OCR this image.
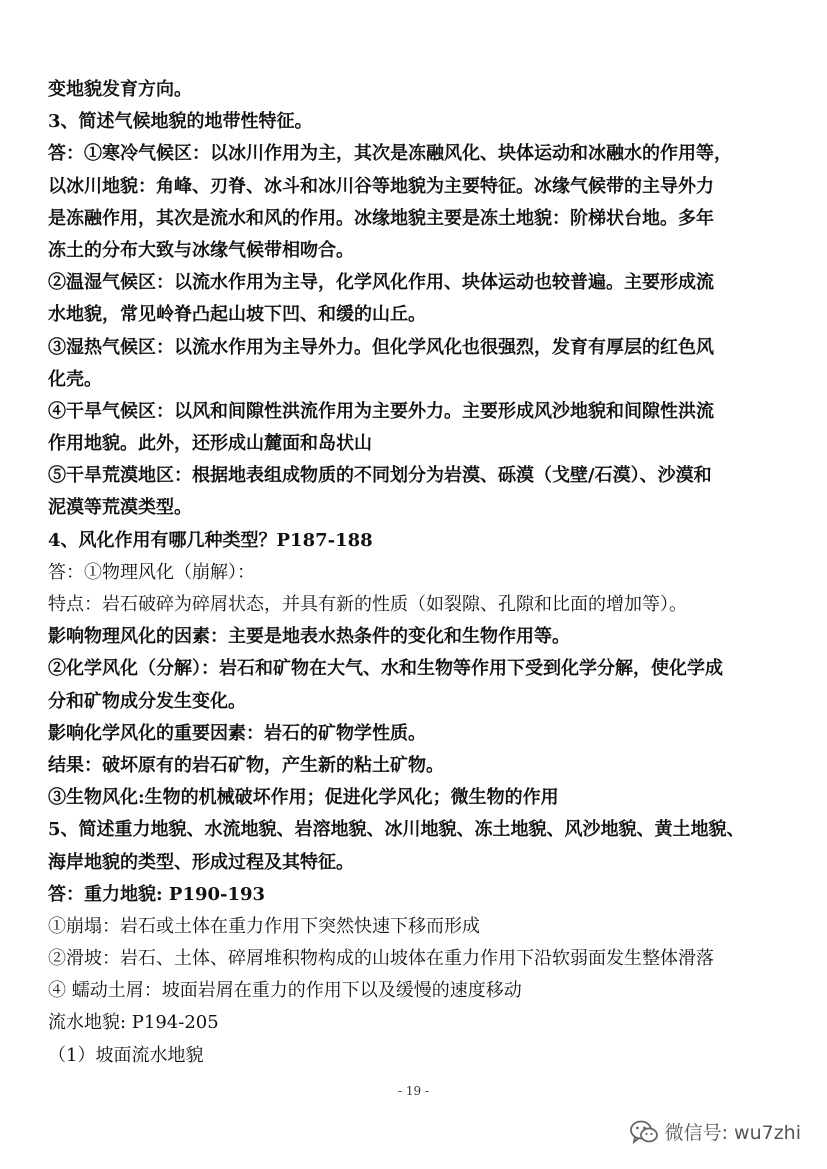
变地貌发育方向。
3、简述气候地貌的地带性特征。
答：①寒冷气候区：以冰川作用为主，其次是冻融风化、块体运动和冰融水的作用等，
以冰川地貌：角峰、刃脊、冰斗和冰川谷等地貌为主要特征。冰缘气候带的主导外力
是冻融作用，其次是流水和风的作用。冰缘地貌主要是冻土地貌：阶梯状台地。多年
冻土的分布大致与冰缘气候带相吻合。
②温湿气候区：以流水作用为主导，化学风化作用、块体运动也较普遍。主要形成流
水地貌，常见岭脊凸起山坡下凹、和缓的山丘。
③湿热气候区：以流水作用为主导外力。但化学风化也很强烈，发育有厚层的红色风
化壳。
④干旱气候区：以风和间隙性洪流作用为主要外力。主要形成风沙地貌和间隙性洪流
作用地貌。此外，还形成山麓面和岛状山
⑤干旱荒漠地区：根据地表组成物质的不同划分为岩漠、砾漠（戈壁/石漠）、沙漠和
泥漠等荒漠类型。
4、风化作用有哪几种类型？P187-188
答：①物理风化（崩解）：
特点：岩石破碎为碎屑状态，并具有新的性质（如裂隙、孔隙和比面的增加等）。
影响物理风化的因素：主要是地表水热条件的变化和生物作用等。
②化学风化（分解）：岩石和矿物在大气、水和生物等作用下受到化学分解，使化学成
分和矿物成分发生变化。
影响化学风化的重要因素：岩石的矿物学性质。
结果：破坏原有的岩石矿物，产生新的粘土矿物。
③生物风化:生物的机械破坏作用；促进化学风化；微生物的作用
5、简述重力地貌、水流地貌、岩溶地貌、冰川地貌、冻土地貌、风沙地貌、黄土地貌、
海岸地貌的类型、形成过程及其特征。
答：重力地貌: P190-193
①崩塌：岩石或土体在重力作用下突然快速下移而形成
②滑坡：岩石、土体、碎屑堆积物构成的山坡体在重力作用下沿软弱面发生整体滑落
④ 蠕动土屑：坡面岩屑在重力的作用下以及缓慢的速度移动
流水地貌: P194-205
（1）坡面流水地貌
- 19 -
微信号: wu7zhi
